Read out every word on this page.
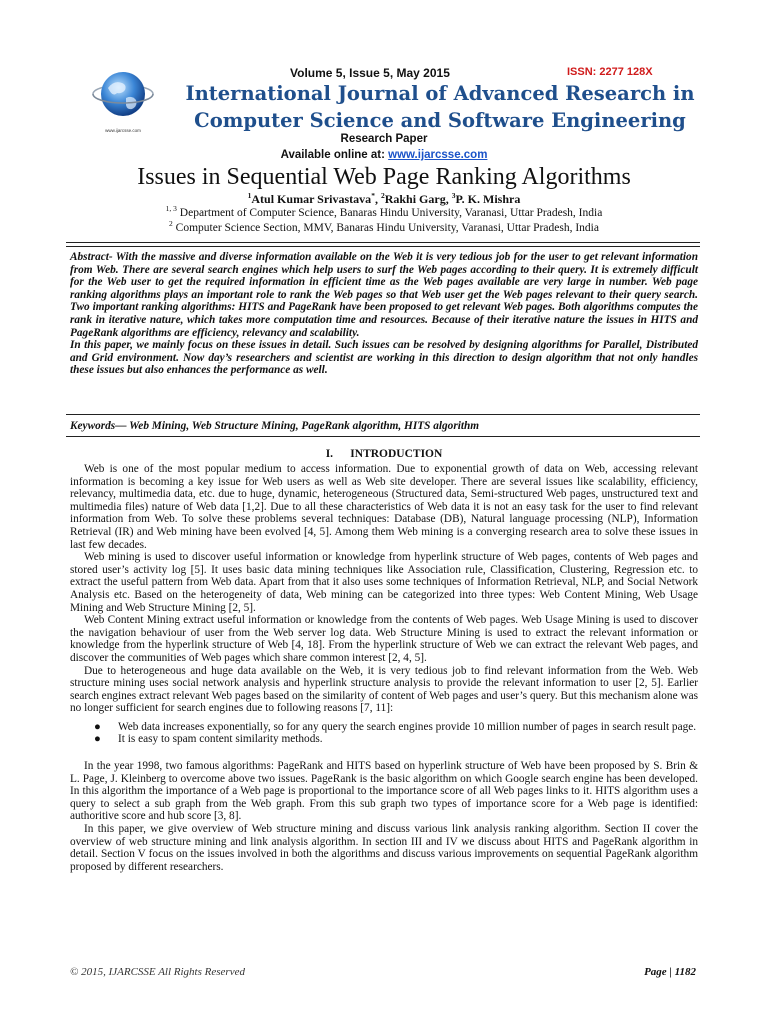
www.ijarcsse.com
Volume 5, Issue 5, May 2015	ISSN: 2277 128X
International Journal of Advanced Research in
Computer Science and Software Engineering
Research Paper
Available online at: www.ijarcsse.com
Issues in Sequential Web Page Ranking Algorithms
$^1$Atul Kumar Srivastava*, $^2$Rakhi Garg, $^3$P. K. Mishra
$^{1, 3}$ Department of Computer Science, Banaras Hindu University, Varanasi, Uttar Pradesh, India
$^2$ Computer Science Section, MMV, Banaras Hindu University, Varanasi, Uttar Pradesh, India

Abstract- With the massive and diverse information available on the Web it is very tedious job for the user to get relevant information from Web. There are several search engines which help users to surf the Web pages according to their query. It is extremely difficult for the Web user to get the required information in efficient time as the Web pages available are very large in number. Web page ranking algorithms plays an important role to rank the Web pages so that Web user get the Web pages relevant to their query search. Two important ranking algorithms: HITS and PageRank have been proposed to get relevant Web pages. Both algorithms computes the rank in iterative nature, which takes more computation time and resources. Because of their iterative nature the issues in HITS and PageRank algorithms are efficiency, relevancy and scalability.

In this paper, we mainly focus on these issues in detail. Such issues can be resolved by designing algorithms for Parallel, Distributed and Grid environment. Now day’s researchers and scientist are working in this direction to design algorithm that not only handles these issues but also enhances the performance as well.

Keywords— Web Mining, Web Structure Mining, PageRank algorithm, HITS algorithm
I.      INTRODUCTION

Web is one of the most popular medium to access information. Due to exponential growth of data on Web, accessing relevant information is becoming a key issue for Web users as well as Web site developer. There are several issues like scalability, efficiency, relevancy, multimedia data, etc. due to huge, dynamic, heterogeneous (Structured data, Semi-structured Web pages, unstructured text and multimedia files) nature of Web data [1,2]. Due to all these characteristics of Web data it is not an easy task for the user to find relevant information from Web. To solve these problems several techniques: Database (DB), Natural language processing (NLP), Information Retrieval (IR) and Web mining have been evolved [4, 5]. Among them Web mining is a converging research area to solve these issues in last few decades.

Web mining is used to discover useful information or knowledge from hyperlink structure of Web pages, contents of Web pages and stored user’s activity log [5]. It uses basic data mining techniques like Association rule, Classification, Clustering, Regression etc. to extract the useful pattern from Web data. Apart from that it also uses some techniques of Information Retrieval, NLP, and Social Network Analysis etc. Based on the heterogeneity of data, Web mining can be categorized into three types: Web Content Mining, Web Usage Mining and Web Structure Mining [2, 5].

Web Content Mining extract useful information or knowledge from the contents of Web pages. Web Usage Mining is used to discover the navigation behaviour of user from the Web server log data. Web Structure Mining is used to extract the relevant information or knowledge from the hyperlink structure of Web [4, 18]. From the hyperlink structure of Web we can extract the relevant Web pages, and discover the communities of Web pages which share common interest [2, 4, 5].

Due to heterogeneous and huge data available on the Web, it is very tedious job to find relevant information from the Web. Web structure mining uses social network analysis and hyperlink structure analysis to provide the relevant information to user [2, 5]. Earlier search engines extract relevant Web pages based on the similarity of content of Web pages and user’s query. But this mechanism alone was no longer sufficient for search engines due to following reasons [7, 11]:

● Web data increases exponentially, so for any query the search engines provide 10 million number of pages in search result page.
● It is easy to spam content similarity methods.

In the year 1998, two famous algorithms: PageRank and HITS based on hyperlink structure of Web have been proposed by S. Brin & L. Page, J. Kleinberg to overcome above two issues. PageRank is the basic algorithm on which Google search engine has been developed. In this algorithm the importance of a Web page is proportional to the importance score of all Web pages links to it. HITS algorithm uses a query to select a sub graph from the Web graph. From this sub graph two types of importance score for a Web page is identified: authoritive score and hub score [3, 8].

In this paper, we give overview of Web structure mining and discuss various link analysis ranking algorithm. Section II cover the overview of web structure mining and link analysis algorithm. In section III and IV we discuss about HITS and PageRank algorithm in detail. Section V focus on the issues involved in both the algorithms and discuss various improvements on sequential PageRank algorithm proposed by different researchers.

© 2015, IJARCSSE All Rights Reserved	Page | 1182
